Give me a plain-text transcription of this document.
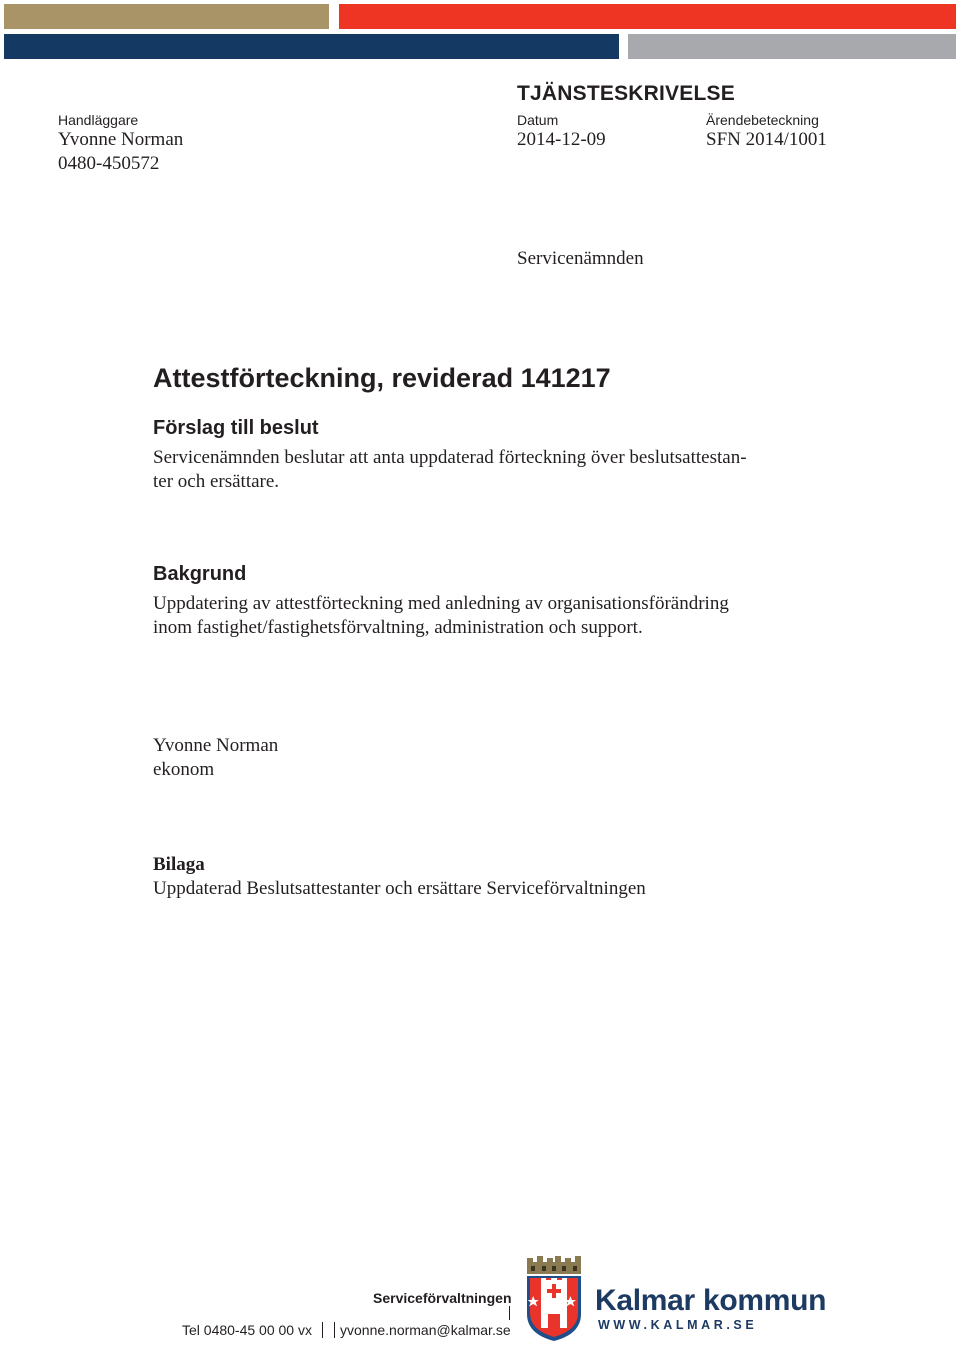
TJÄNSTESKRIVELSE
Handläggare
Yvonne Norman
0480-450572
Datum
2014-12-09
Ärendebeteckning
SFN 2014/1001
Servicenämnden
Attestförteckning, reviderad 141217
Förslag till beslut
Servicenämnden beslutar att anta uppdaterad förteckning över beslutsattestan-
ter och ersättare.
Bakgrund
Uppdatering av attestförteckning med anledning av organisationsförändring
inom fastighet/fastighetsförvaltning, administration och support.
Yvonne Norman
ekonom
Bilaga
Uppdaterad Beslutsattestanter och ersättare Serviceförvaltningen
Serviceförvaltningen
Tel 0480-45 00 00 vx yvonne.norman@kalmar.se
Kalmar kommun
WWW.KALMAR.SE
